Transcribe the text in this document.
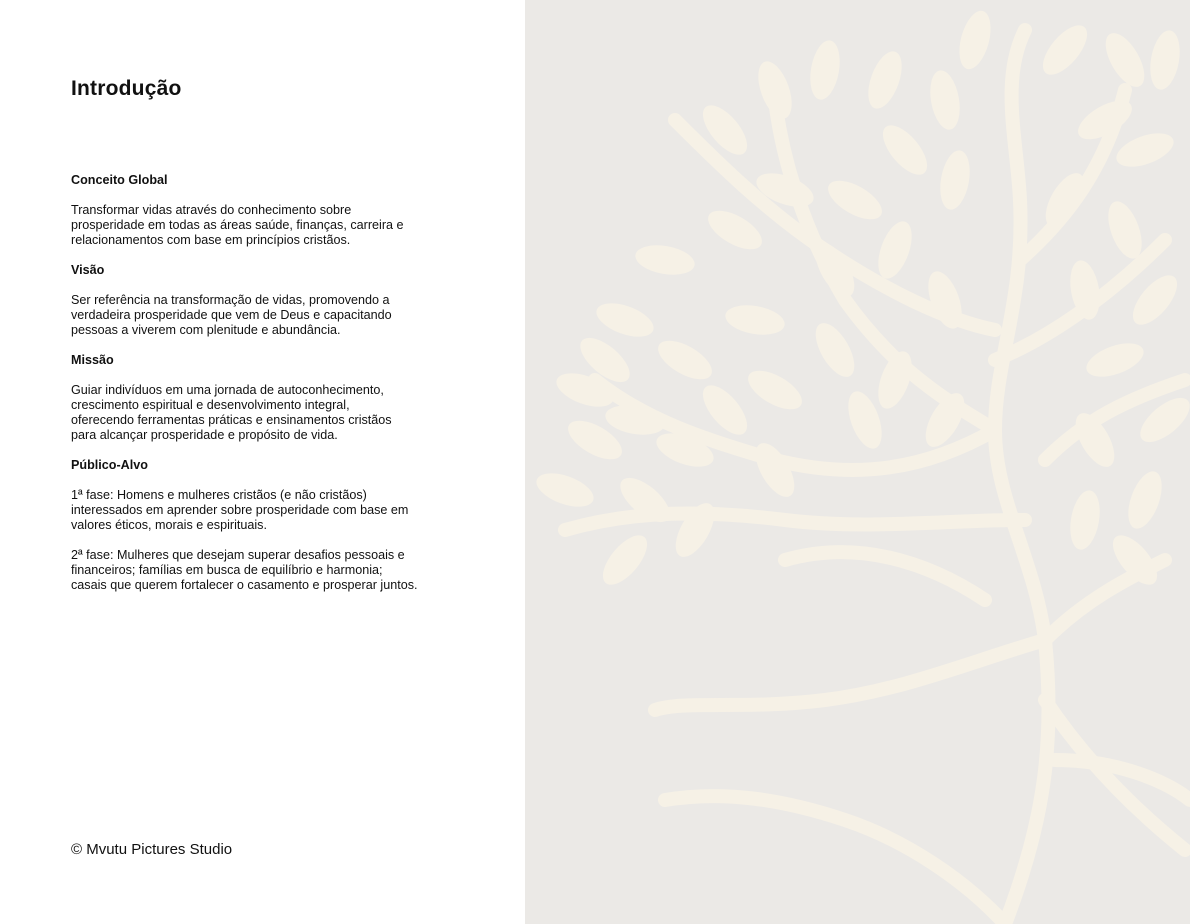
Introdução

Conceito Global

Transformar vidas através do conhecimento sobre
prosperidade em todas as áreas saúde, finanças, carreira e
relacionamentos com base em princípios cristãos.

Visão

Ser referência na transformação de vidas, promovendo a
verdadeira prosperidade que vem de Deus e capacitando
pessoas a viverem com plenitude e abundância.

Missão

Guiar indivíduos em uma jornada de autoconhecimento,
crescimento espiritual e desenvolvimento integral,
oferecendo ferramentas práticas e ensinamentos cristãos
para alcançar prosperidade e propósito de vida.

Público-Alvo

1ª fase: Homens e mulheres cristãos (e não cristãos)
interessados em aprender sobre prosperidade com base em
valores éticos, morais e espirituais.

2ª fase: Mulheres que desejam superar desafios pessoais e
financeiros; famílias em busca de equilíbrio e harmonia;
casais que querem fortalecer o casamento e prosperar juntos.

© Mvutu Pictures Studio
